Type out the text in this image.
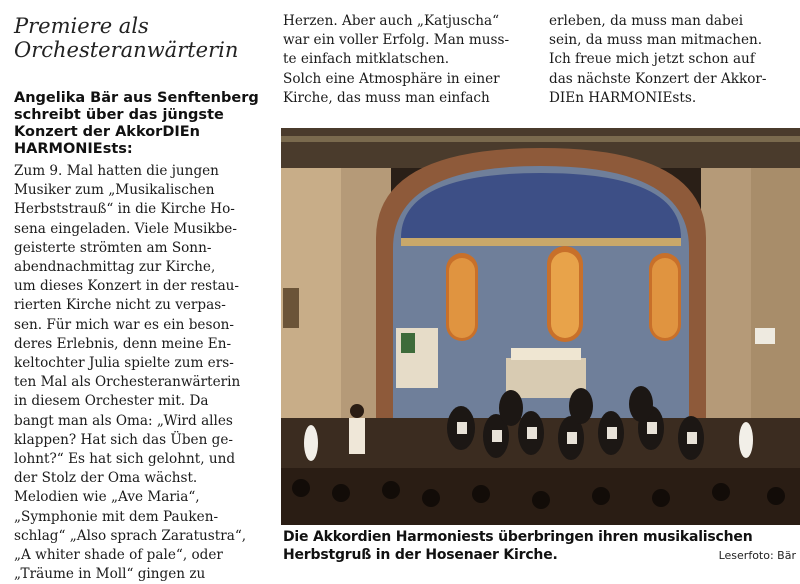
Premiere als Orchesteranwärterin
Angelika Bär aus Senftenberg schreibt über das jüngste Konzert der AkkorDIEn HARMONIEsts:
Zum 9. Mal hatten die jungen
Musiker zum „Musikalischen
Herbststrauß“ in die Kirche Ho-
sena eingeladen. Viele Musikbe-
geisterte strömten am Sonn-
abendnachmittag zur Kirche,
um dieses Konzert in der restau-
rierten Kirche nicht zu verpas-
sen. Für mich war es ein beson-
deres Erlebnis, denn meine En-
keltochter Julia spielte zum ers-
ten Mal als Orchesteranwärterin
in diesem Orchester mit. Da
bangt man als Oma: „Wird alles
klappen? Hat sich das Üben ge-
lohnt?“ Es hat sich gelohnt, und
der Stolz der Oma wächst.
Melodien wie „Ave Maria“,
„Symphonie mit dem Pauken-
schlag“ „Also sprach Zaratustra“,
„A whiter shade of pale“, oder
„Träume in Moll“ gingen zu
Herzen. Aber auch „Katjuscha“
war ein voller Erfolg. Man muss-
te einfach mitklatschen.
Solch eine Atmosphäre in einer
Kirche, das muss man einfach
erleben, da muss man dabei
sein, da muss man mitmachen.
Ich freue mich jetzt schon auf
das nächste Konzert der Akkor-
DIEn HARMONIEsts.
Die Akkordien Harmoniests überbringen ihren musikalischen Herbstgruß in der Hosenaer Kirche.	Leserfoto: Bär
